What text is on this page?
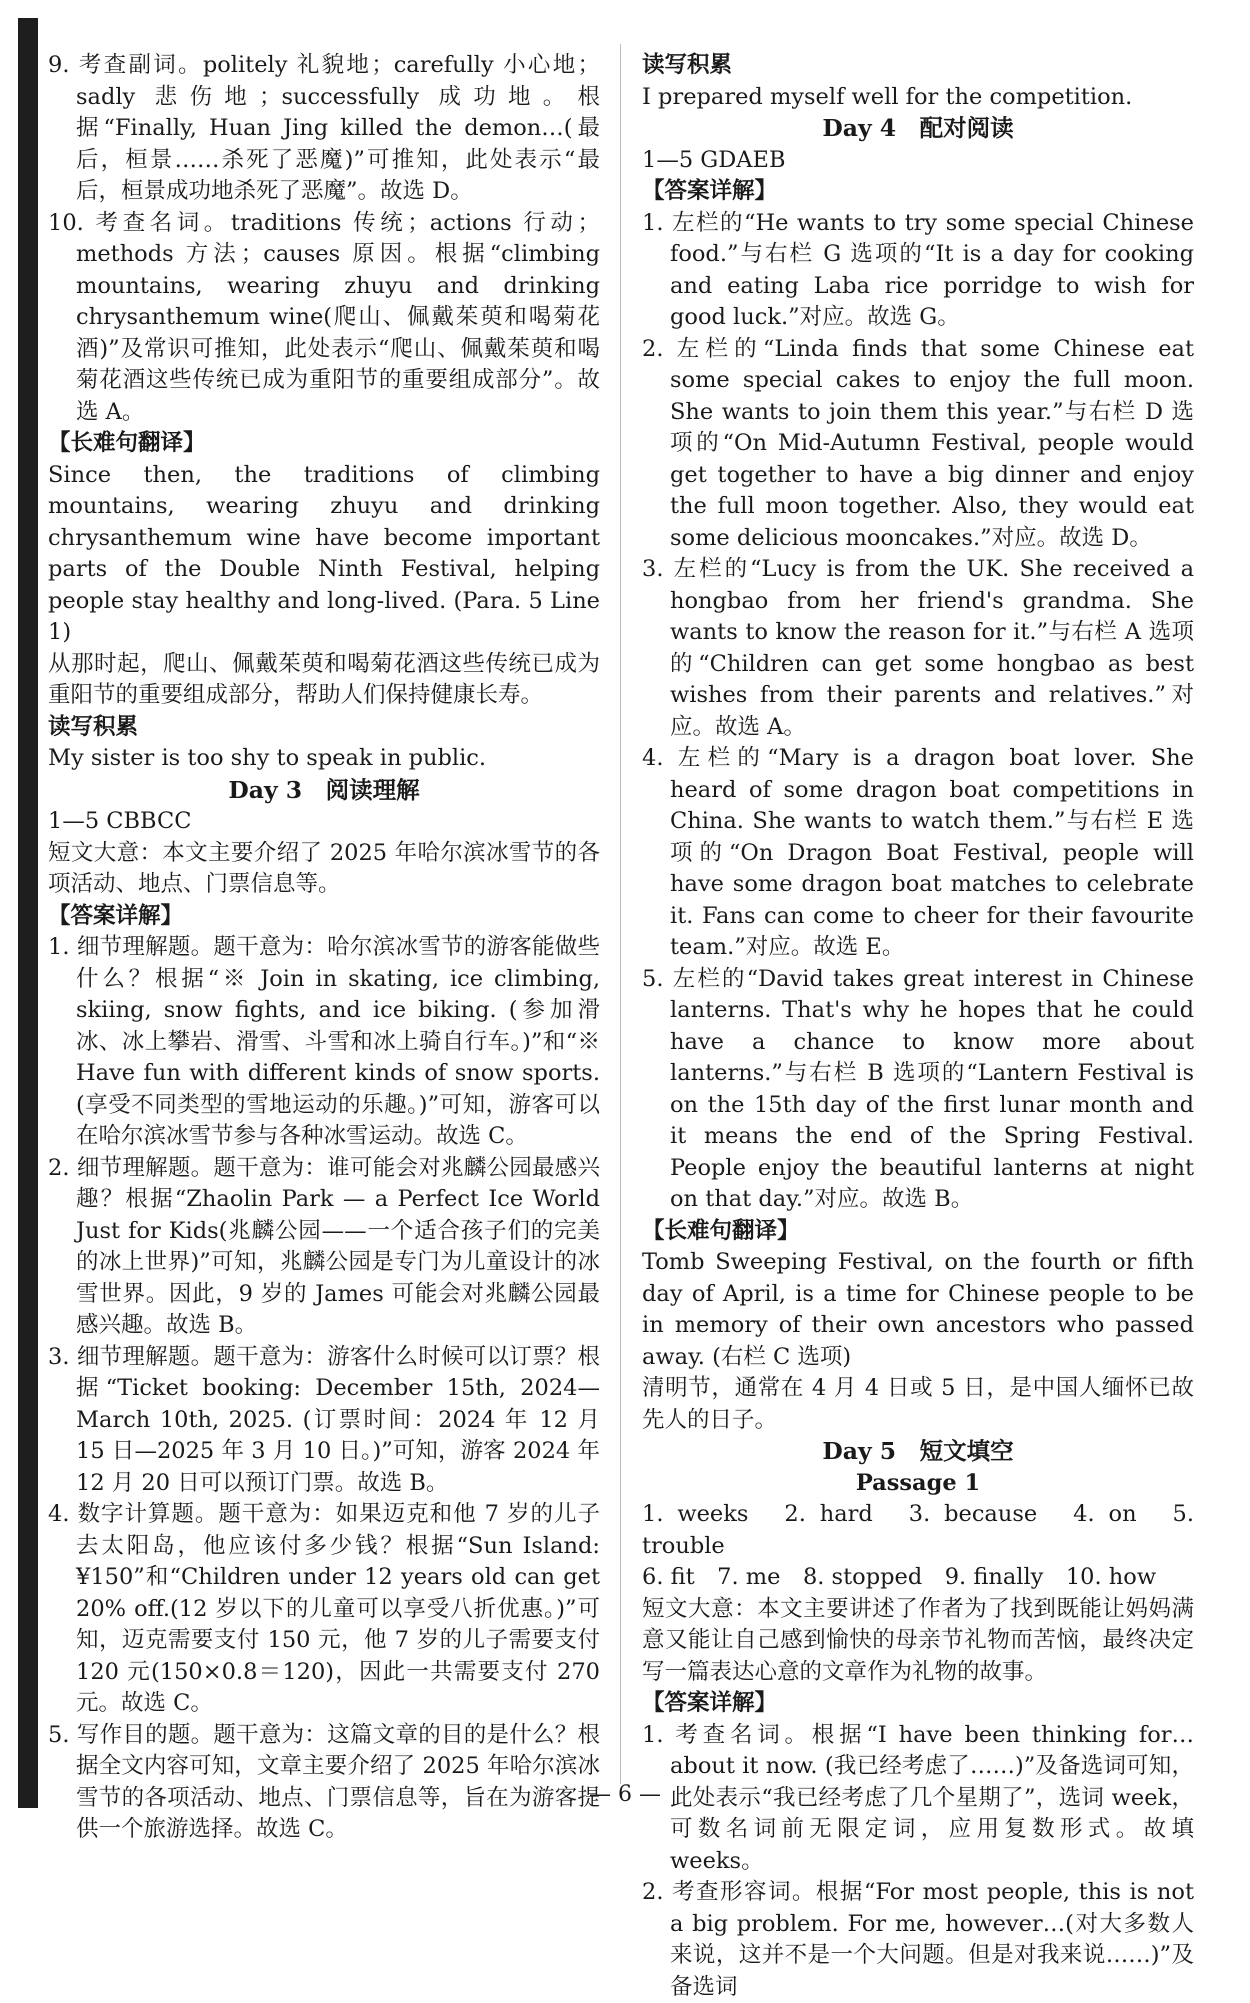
9. 考查副词。politely 礼貌地；carefully 小心地；sadly 悲伤地；successfully 成功地。根据“Finally, Huan Jing killed the demon…(最后，桓景……杀死了恶魔)”可推知，此处表示“最后，桓景成功地杀死了恶魔”。故选 D。

10. 考查名词。traditions 传统；actions 行动；methods 方法；causes 原因。根据“climbing mountains, wearing zhuyu and drinking chrysanthemum wine(爬山、佩戴茱萸和喝菊花酒)”及常识可推知，此处表示“爬山、佩戴茱萸和喝菊花酒这些传统已成为重阳节的重要组成部分”。故选 A。

【长难句翻译】

Since then, the traditions of climbing mountains, wearing zhuyu and drinking chrysanthemum wine have become important parts of the Double Ninth Festival, helping people stay healthy and long-lived. (Para. 5 Line 1)

从那时起，爬山、佩戴茱萸和喝菊花酒这些传统已成为重阳节的重要组成部分，帮助人们保持健康长寿。

读写积累

My sister is too shy to speak in public.

Day 3　阅读理解

1—5 CBBCC

短文大意：本文主要介绍了 2025 年哈尔滨冰雪节的各项活动、地点、门票信息等。

【答案详解】

1. 细节理解题。题干意为：哈尔滨冰雪节的游客能做些什么？根据“※ Join in skating, ice climbing, skiing, snow fights, and ice biking. (参加滑冰、冰上攀岩、滑雪、斗雪和冰上骑自行车。)”和“※ Have fun with different kinds of snow sports. (享受不同类型的雪地运动的乐趣。)”可知，游客可以在哈尔滨冰雪节参与各种冰雪运动。故选 C。

2. 细节理解题。题干意为：谁可能会对兆麟公园最感兴趣？根据“Zhaolin Park — a Perfect Ice World Just for Kids(兆麟公园——一个适合孩子们的完美的冰上世界)”可知，兆麟公园是专门为儿童设计的冰雪世界。因此，9 岁的 James 可能会对兆麟公园最感兴趣。故选 B。

3. 细节理解题。题干意为：游客什么时候可以订票？根据“Ticket booking: December 15th, 2024—March 10th, 2025. (订票时间：2024 年 12 月 15 日—2025 年 3 月 10 日。)”可知，游客 2024 年 12 月 20 日可以预订门票。故选 B。

4. 数字计算题。题干意为：如果迈克和他 7 岁的儿子去太阳岛，他应该付多少钱？根据“Sun Island: ¥150”和“Children under 12 years old can get 20% off.(12 岁以下的儿童可以享受八折优惠。)”可知，迈克需要支付 150 元，他 7 岁的儿子需要支付 120 元(150×0.8＝120)，因此一共需要支付 270 元。故选 C。

5. 写作目的题。题干意为：这篇文章的目的是什么？根据全文内容可知，文章主要介绍了 2025 年哈尔滨冰雪节的各项活动、地点、门票信息等，旨在为游客提供一个旅游选择。故选 C。

读写积累

I prepared myself well for the competition.

Day 4　配对阅读

1—5 GDAEB

【答案详解】

1. 左栏的“He wants to try some special Chinese food.”与右栏 G 选项的“It is a day for cooking and eating Laba rice porridge to wish for good luck.”对应。故选 G。

2. 左栏的“Linda finds that some Chinese eat some special cakes to enjoy the full moon. She wants to join them this year.”与右栏 D 选项的“On Mid-Autumn Festival, people would get together to have a big dinner and enjoy the full moon together. Also, they would eat some delicious mooncakes.”对应。故选 D。

3. 左栏的“Lucy is from the UK. She received a hongbao from her friend's grandma. She wants to know the reason for it.”与右栏 A 选项的“Children can get some hongbao as best wishes from their parents and relatives.”对应。故选 A。

4. 左栏的“Mary is a dragon boat lover. She heard of some dragon boat competitions in China. She wants to watch them.”与右栏 E 选项的“On Dragon Boat Festival, people will have some dragon boat matches to celebrate it. Fans can come to cheer for their favourite team.”对应。故选 E。

5. 左栏的“David takes great interest in Chinese lanterns. That's why he hopes that he could have a chance to know more about lanterns.”与右栏 B 选项的“Lantern Festival is on the 15th day of the first lunar month and it means the end of the Spring Festival. People enjoy the beautiful lanterns at night on that day.”对应。故选 B。

【长难句翻译】

Tomb Sweeping Festival, on the fourth or fifth day of April, is a time for Chinese people to be in memory of their own ancestors who passed away. (右栏 C 选项)

清明节，通常在 4 月 4 日或 5 日，是中国人缅怀已故先人的日子。

Day 5　短文填空

Passage 1

1. weeks　2. hard　3. because　4. on　5. trouble

6. fit　7. me　8. stopped　9. finally　10. how

短文大意：本文主要讲述了作者为了找到既能让妈妈满意又能让自己感到愉快的母亲节礼物而苦恼，最终决定写一篇表达心意的文章作为礼物的故事。

【答案详解】

1. 考查名词。根据“I have been thinking for…about it now. (我已经考虑了……)”及备选词可知，此处表示“我已经考虑了几个星期了”，选词 week，可数名词前无限定词，应用复数形式。故填 weeks。

2. 考查形容词。根据“For most people, this is not a big problem. For me, however…(对大多数人来说，这并不是一个大问题。但是对我来说……)”及备选词

— 6 —
